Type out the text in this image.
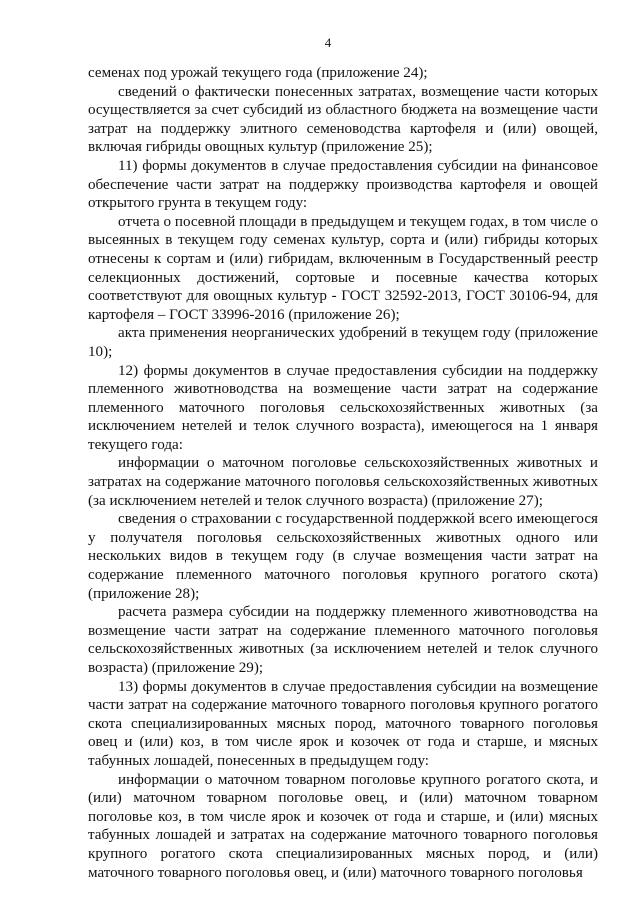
4

семенах под урожай текущего года (приложение 24);

сведений о фактически понесенных затратах, возмещение части которых осуществляется за счет субсидий из областного бюджета на возмещение части затрат на поддержку элитного семеноводства картофеля и (или) овощей, включая гибриды овощных культур (приложение 25);

11) формы документов в случае предоставления субсидии на финансовое обеспечение части затрат на поддержку производства картофеля и овощей открытого грунта в текущем году:

отчета о посевной площади в предыдущем и текущем годах, в том числе о высеянных в текущем году семенах культур, сорта и (или) гибриды которых отнесены к сортам и (или) гибридам, включенным в Государственный реестр селекционных достижений, сортовые и посевные качества которых соответствуют для овощных культур - ГОСТ 32592-2013, ГОСТ 30106-94, для картофеля – ГОСТ 33996-2016 (приложение 26);

акта применения неорганических удобрений в текущем году (приложение 10);

12) формы документов в случае предоставления субсидии на поддержку племенного животноводства на возмещение части затрат на содержание племенного маточного поголовья сельскохозяйственных животных (за исключением нетелей и телок случного возраста), имеющегося на 1 января текущего года:

информации о маточном поголовье сельскохозяйственных животных и затратах на содержание маточного поголовья сельскохозяйственных животных (за исключением нетелей и телок случного возраста) (приложение 27);

сведения о страховании с государственной поддержкой всего имеющегося у получателя поголовья сельскохозяйственных животных одного или нескольких видов в текущем году (в случае возмещения части затрат на содержание племенного маточного поголовья крупного рогатого скота) (приложение 28);

расчета размера субсидии на поддержку племенного животноводства на возмещение части затрат на содержание племенного маточного поголовья сельскохозяйственных животных (за исключением нетелей и телок случного возраста) (приложение 29);

13) формы документов в случае предоставления субсидии на возмещение части затрат на содержание маточного товарного поголовья крупного рогатого скота специализированных мясных пород, маточного товарного поголовья овец и (или) коз, в том числе ярок и козочек от года и старше, и мясных табунных лошадей, понесенных в предыдущем году:

информации о маточном товарном поголовье крупного рогатого скота, и (или) маточном товарном поголовье овец, и (или) маточном товарном поголовье коз, в том числе ярок и козочек от года и старше, и (или) мясных табунных лошадей и затратах на содержание маточного товарного поголовья крупного рогатого скота специализированных мясных пород, и (или) маточного товарного поголовья овец, и (или) маточного товарного поголовья
